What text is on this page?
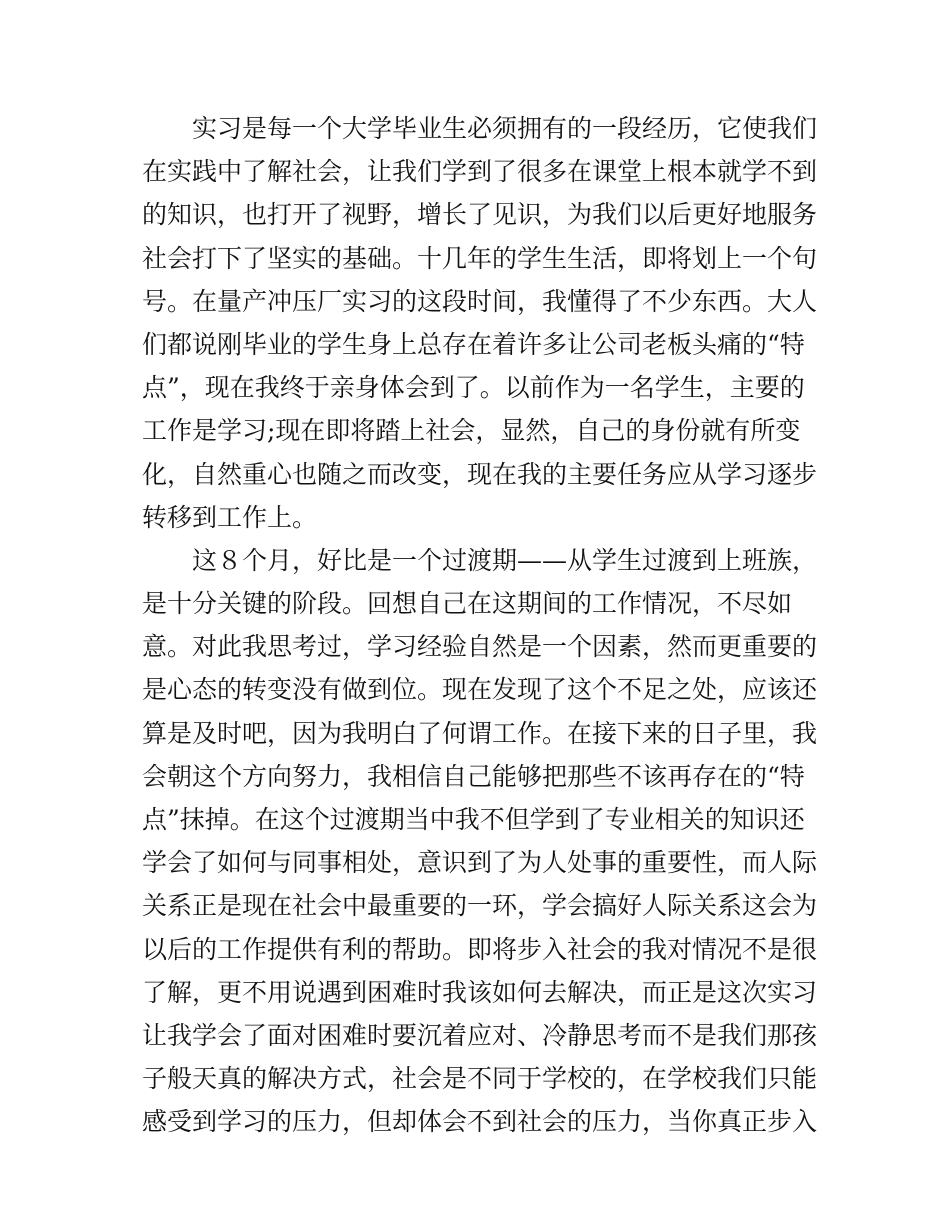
实习是每一个大学毕业生必须拥有的一段经历，它使我们
在实践中了解社会，让我们学到了很多在课堂上根本就学不到
的知识，也打开了视野，增长了见识，为我们以后更好地服务
社会打下了坚实的基础。十几年的学生生活，即将划上一个句
号。在量产冲压厂实习的这段时间，我懂得了不少东西。大人
们都说刚毕业的学生身上总存在着许多让公司老板头痛的“特
点”，现在我终于亲身体会到了。以前作为一名学生，主要的
工作是学习;现在即将踏上社会，显然，自己的身份就有所变
化，自然重心也随之而改变，现在我的主要任务应从学习逐步
转移到工作上。
这８个月，好比是一个过渡期——从学生过渡到上班族，
是十分关键的阶段。回想自己在这期间的工作情况，不尽如
意。对此我思考过，学习经验自然是一个因素，然而更重要的
是心态的转变没有做到位。现在发现了这个不足之处，应该还
算是及时吧，因为我明白了何谓工作。在接下来的日子里，我
会朝这个方向努力，我相信自己能够把那些不该再存在的“特
点”抹掉。在这个过渡期当中我不但学到了专业相关的知识还
学会了如何与同事相处，意识到了为人处事的重要性，而人际
关系正是现在社会中最重要的一环，学会搞好人际关系这会为
以后的工作提供有利的帮助。即将步入社会的我对情况不是很
了解，更不用说遇到困难时我该如何去解决，而正是这次实习
让我学会了面对困难时要沉着应对、冷静思考而不是我们那孩
子般天真的解决方式，社会是不同于学校的，在学校我们只能
感受到学习的压力，但却体会不到社会的压力，当你真正步入
